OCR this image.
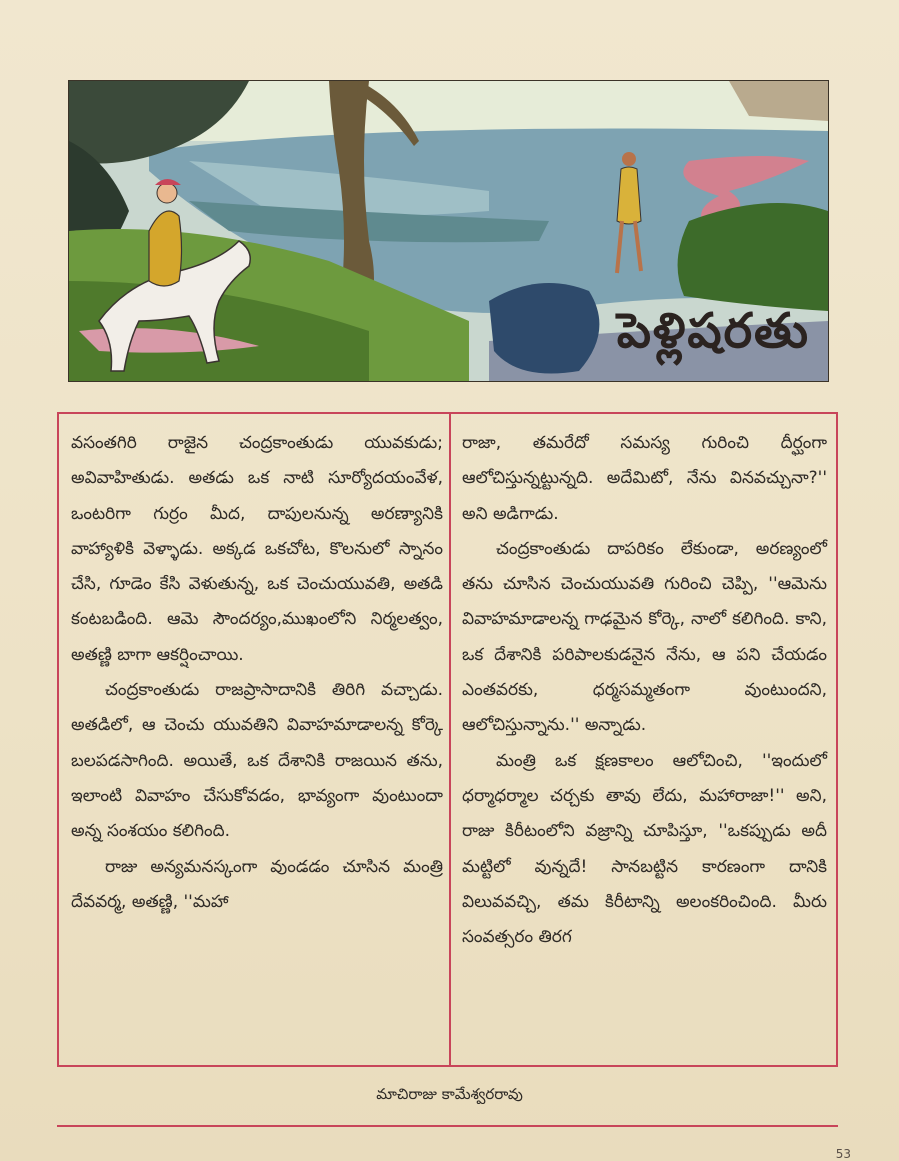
పెళ్లిషరతు

వసంతగిరి రాజైన చంద్రకాంతుడు యువకుడు; అవివాహితుడు. అతడు ఒక నాటి సూర్యోదయంవేళ, ఒంటరిగా గుర్రం మీద, దాపులనున్న అరణ్యానికి వాహ్యాళికి వెళ్ళాడు. అక్కడ ఒకచోట, కొలనులో స్నానం చేసి, గూడెం కేసి వెళుతున్న, ఒక చెంచుయువతి, అతడి కంటబడింది. ఆమె సౌందర్యం,ముఖంలోని నిర్మలత్వం, అతణ్ణి బాగా ఆకర్షించాయి.

చంద్రకాంతుడు రాజప్రాసాదానికి తిరిగి వచ్చాడు. అతడిలో, ఆ చెంచు యువతిని వివాహమాడాలన్న కోర్కె బలపడసాగింది. అయితే, ఒక దేశానికి రాజయిన తను, ఇలాంటి వివాహం చేసుకోవడం, భావ్యంగా వుంటుందా అన్న సంశయం కలిగింది.

రాజు అన్యమనస్కంగా వుండడం చూసిన మంత్రి దేవవర్మ, అతణ్ణి, ''మహా

రాజా, తమరేదో సమస్య గురించి దీర్ఘంగా ఆలోచిస్తున్నట్టున్నది. అదేమిటో, నేను వినవచ్చునా?'' అని అడిగాడు.

చంద్రకాంతుడు దాపరికం లేకుండా, అరణ్యంలో తను చూసిన చెంచుయువతి గురించి చెప్పి, ''ఆమెను వివాహమాడాలన్న గాఢమైన కోర్కె, నాలో కలిగింది. కాని, ఒక దేశానికి పరిపాలకుడనైన నేను, ఆ పని చేయడం ఎంతవరకు, ధర్మసమ్మతంగా వుంటుందని, ఆలోచిస్తున్నాను.'' అన్నాడు.

మంత్రి ఒక క్షణకాలం ఆలోచించి, ''ఇందులో ధర్మాధర్మాల చర్చకు తావు లేదు, మహారాజా!'' అని, రాజు కిరీటంలోని వజ్రాన్ని చూపిస్తూ, ''ఒకప్పుడు అదీ మట్టిలో వున్నదే! సానబట్టిన కారణంగా దానికి విలువవచ్చి, తమ కిరీటాన్ని అలంకరించింది. మీరు సంవత్సరం తిరగ

మాచిరాజు కామేశ్వరరావు
53
